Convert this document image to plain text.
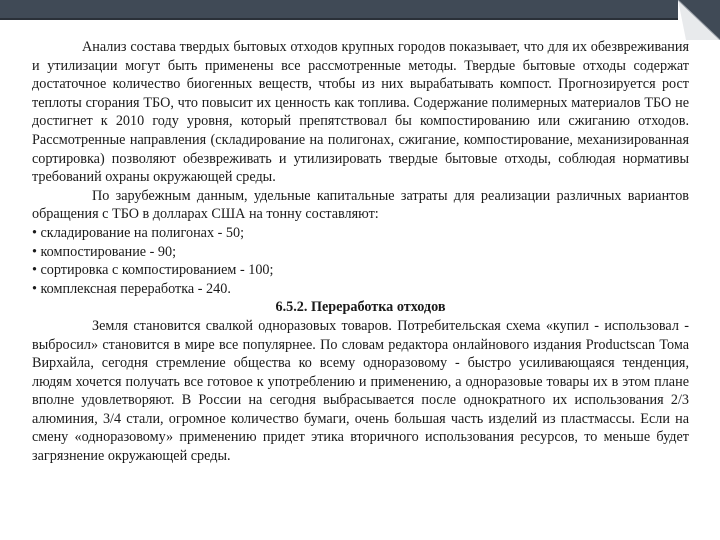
Анализ состава твердых бытовых отходов крупных городов показывает, что для их обезвреживания и утилизации могут быть применены все рассмотренные методы. Твердые бытовые отходы содержат достаточное количество биогенных веществ, чтобы из них вырабатывать компост. Прогнозируется рост теплоты сгорания ТБО, что повысит их ценность как топлива. Содержание полимерных материалов ТБО не достигнет к 2010 году уровня, который препятствовал бы компостированию или сжиганию отходов. Рассмотренные направления (складирование на полигонах, сжигание, компостирование, механизированная сортировка) позволяют обезвреживать и утилизировать твердые бытовые отходы, соблюдая нормативы требований охраны окружающей среды.

По зарубежным данным, удельные капитальные затраты для реализации различных вариантов обращения с ТБО в долларах США на тонну составляют:

• складирование на полигонах - 50;

• компостирование - 90;

• сортировка с компостированием - 100;

• комплексная переработка - 240.

6.5.2. Переработка отходов

Земля становится свалкой одноразовых товаров. Потребительская схема «купил - использовал - выбросил» становится в мире все популярнее. По словам редактора онлайнового издания Productscan Тома Вирхайла, сегодня стремление общества ко всему одноразовому - быстро усиливающаяся тенденция, людям хочется получать все готовое к употреблению и применению, а одноразовые товары их в этом плане вполне удовлетворяют. В России на сегодня выбрасывается после однократного их использования 2/3 алюминия, 3/4 стали, огромное количество бумаги, очень большая часть изделий из пластмассы. Если на смену «одноразовому» применению придет этика вторичного использования ресурсов, то меньше будет загрязнение окружающей среды.
